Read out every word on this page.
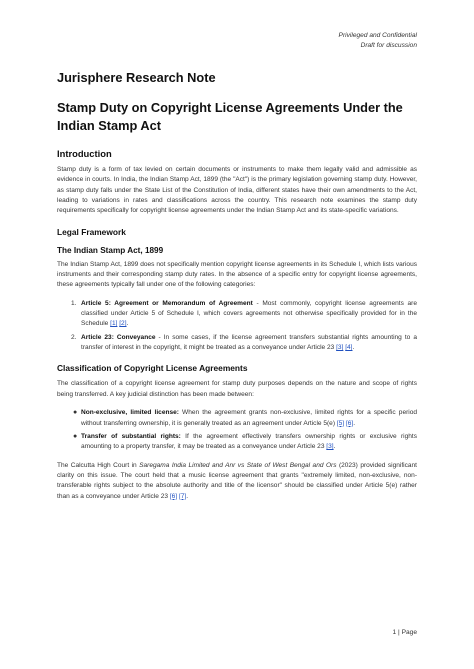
Privileged and Confidential
Draft for discussion
Jurisphere Research Note
Stamp Duty on Copyright License Agreements Under the Indian Stamp Act
Introduction

Stamp duty is a form of tax levied on certain documents or instruments to make them legally valid and admissible as evidence in courts. In India, the Indian Stamp Act, 1899 (the "Act") is the primary legislation governing stamp duty. However, as stamp duty falls under the State List of the Constitution of India, different states have their own amendments to the Act, leading to variations in rates and classifications across the country. This research note examines the stamp duty requirements specifically for copyright license agreements under the Indian Stamp Act and its state-specific variations.

Legal Framework
The Indian Stamp Act, 1899

The Indian Stamp Act, 1899 does not specifically mention copyright license agreements in its Schedule I, which lists various instruments and their corresponding stamp duty rates. In the absence of a specific entry for copyright license agreements, these agreements typically fall under one of the following categories:

1. Article 5: Agreement or Memorandum of Agreement - Most commonly, copyright license agreements are classified under Article 5 of Schedule I, which covers agreements not otherwise specifically provided for in the Schedule [1] [2].
2. Article 23: Conveyance - In some cases, if the license agreement transfers substantial rights amounting to a transfer of interest in the copyright, it might be treated as a conveyance under Article 23 [3] [4].
Classification of Copyright License Agreements

The classification of a copyright license agreement for stamp duty purposes depends on the nature and scope of rights being transferred. A key judicial distinction has been made between:

● Non-exclusive, limited license: When the agreement grants non-exclusive, limited rights for a specific period without transferring ownership, it is generally treated as an agreement under Article 5(e) [5] [6].
● Transfer of substantial rights: If the agreement effectively transfers ownership rights or exclusive rights amounting to a property transfer, it may be treated as a conveyance under Article 23 [3].

The Calcutta High Court in Saregama India Limited and Anr vs State of West Bengal and Ors (2023) provided significant clarity on this issue. The court held that a music license agreement that grants "extremely limited, non-exclusive, non-transferable rights subject to the absolute authority and title of the licensor" should be classified under Article 5(e) rather than as a conveyance under Article 23 [6] [7].

1 | Page
